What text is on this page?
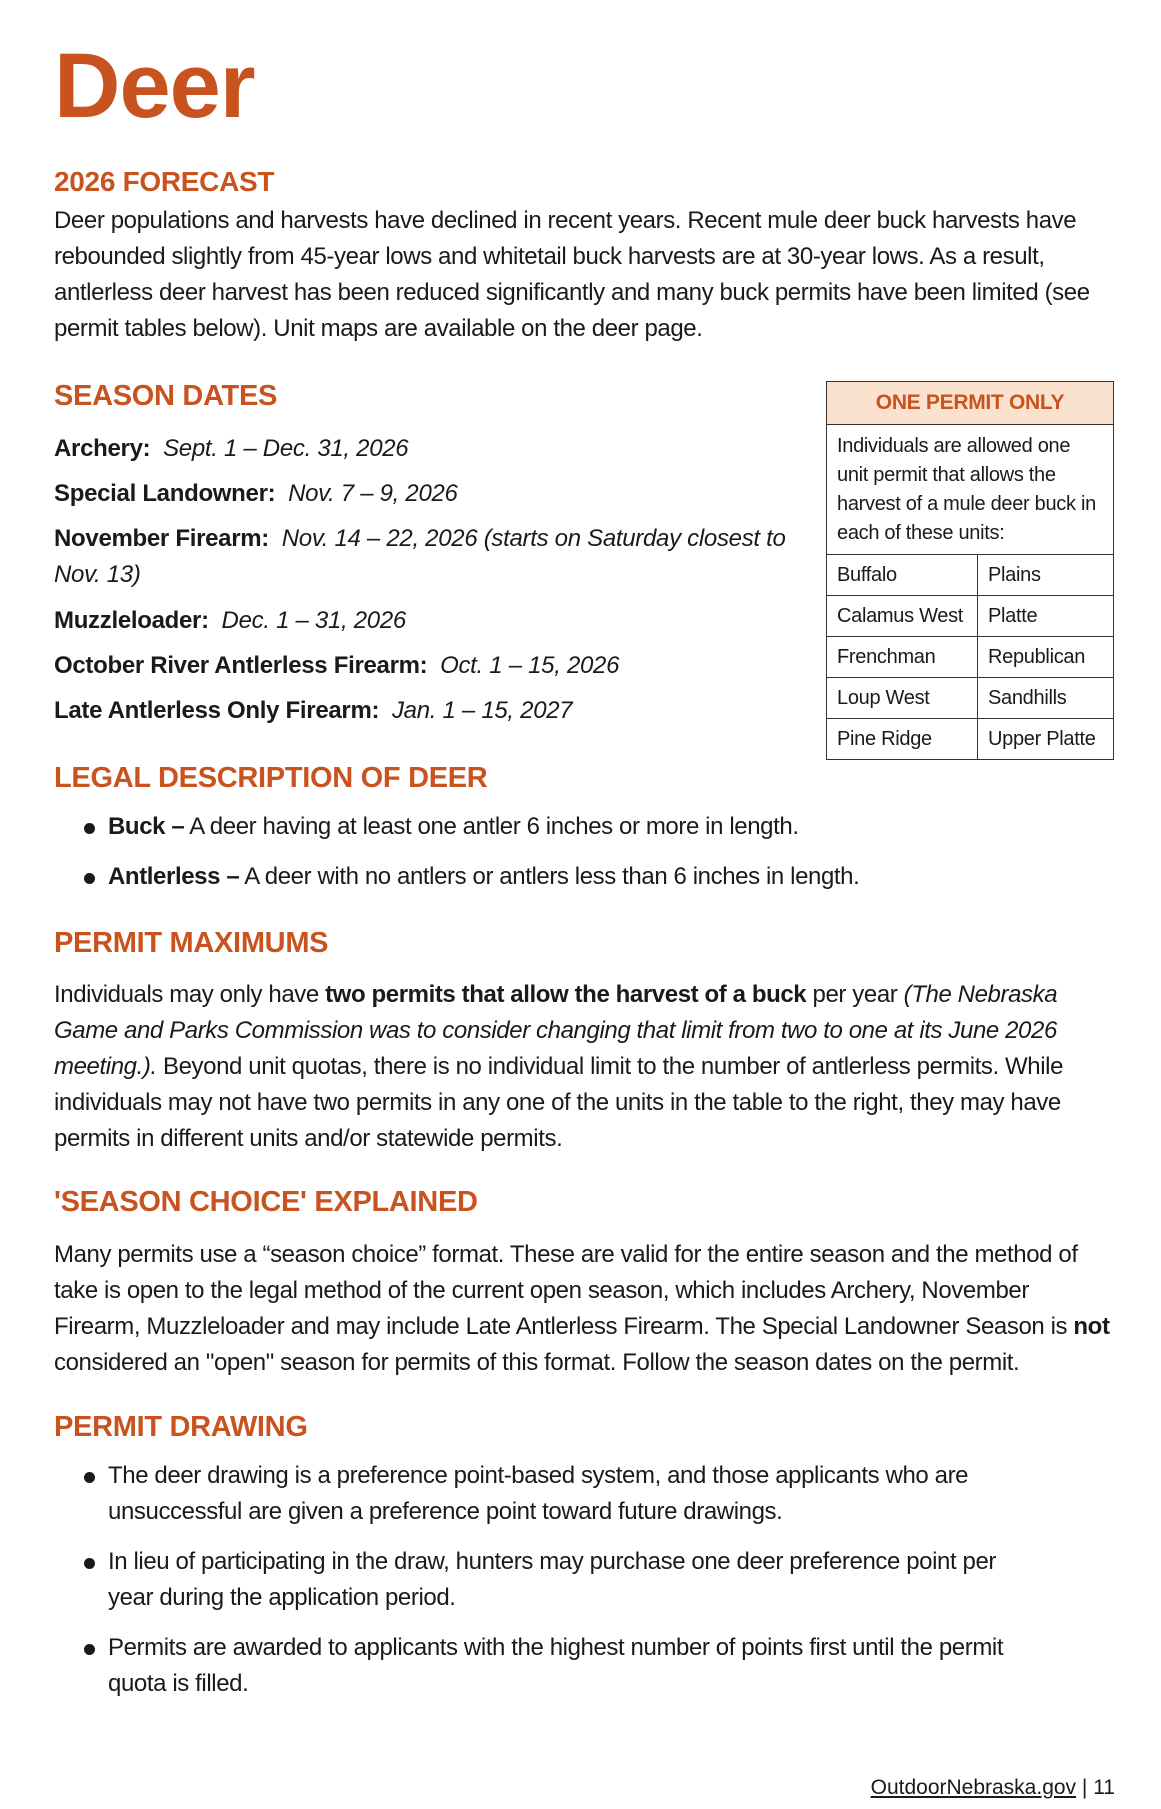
Deer
2026 FORECAST

Deer populations and harvests have declined in recent years. Recent mule deer buck harvests have rebounded slightly from 45-year lows and whitetail buck harvests are at 30-year lows. As a result, antlerless deer harvest has been reduced significantly and many buck permits have been limited (see permit tables below). Unit maps are available on the deer page.

SEASON DATES
Archery: Sept. 1 – Dec. 31, 2026
Special Landowner: Nov. 7 – 9, 2026
November Firearm: Nov. 14 – 22, 2026 (starts on Saturday closest to Nov. 13)
Muzzleloader: Dec. 1 – 31, 2026
October River Antlerless Firearm: Oct. 1 – 15, 2026
Late Antlerless Only Firearm: Jan. 1 – 15, 2027
ONE PERMIT ONLY
Individuals are allowed one unit permit that allows the harvest of a mule deer buck in each of these units:
Buffalo	Plains
Calamus West	Platte
Frenchman	Republican
Loup West	Sandhills
Pine Ridge	Upper Platte
LEGAL DESCRIPTION OF DEER
Buck – A deer having at least one antler 6 inches or more in length.
Antlerless – A deer with no antlers or antlers less than 6 inches in length.
PERMIT MAXIMUMS

Individuals may only have two permits that allow the harvest of a buck per year (The Nebraska Game and Parks Commission was to consider changing that limit from two to one at its June 2026 meeting.). Beyond unit quotas, there is no individual limit to the number of antlerless permits. While individuals may not have two permits in any one of the units in the table to the right, they may have permits in different units and/or statewide permits.

'SEASON CHOICE' EXPLAINED

Many permits use a “season choice” format. These are valid for the entire season and the method of take is open to the legal method of the current open season, which includes Archery, November Firearm, Muzzleloader and may include Late Antlerless Firearm. The Special Landowner Season is not considered an "open" season for permits of this format. Follow the season dates on the permit.

PERMIT DRAWING
The deer drawing is a preference point-based system, and those applicants who are unsuccessful are given a preference point toward future drawings.
In lieu of participating in the draw, hunters may purchase one deer preference point per year during the application period.
Permits are awarded to applicants with the highest number of points first until the permit quota is filled.
OutdoorNebraska.gov | 11
